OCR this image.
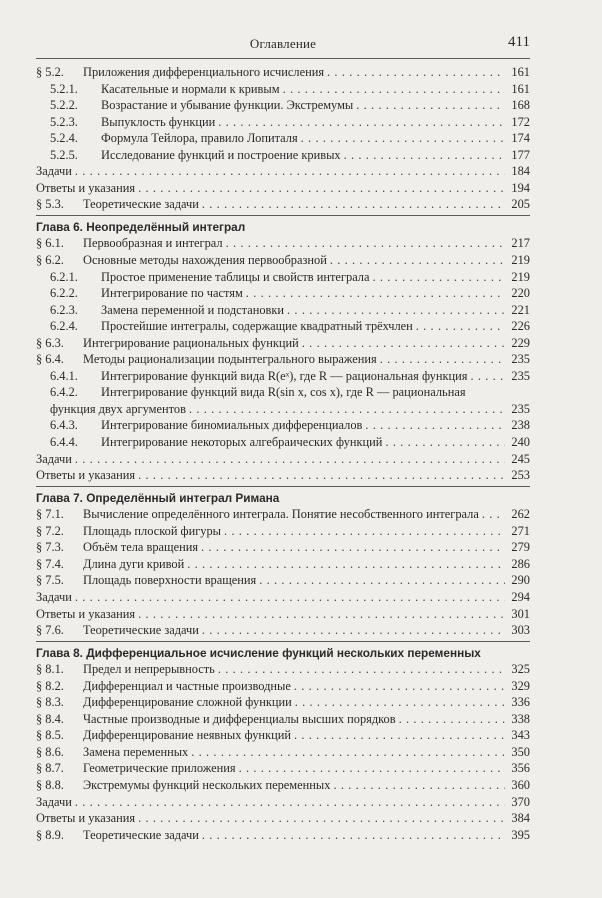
Оглавление	411
§ 5.2.	Приложения дифференциального исчисления . . .	161
5.2.1.	Касательные и нормали к кривым . . .	161
5.2.2.	Возрастание и убывание функции. Экстремумы . . .	168
5.2.3.	Выпуклость функции . . .	172
5.2.4.	Формула Тейлора, правило Лопиталя . . .	174
5.2.5.	Исследование функций и построение кривых . . .	177
Задачи . . .	184
Ответы и указания . . .	194
§ 5.3.	Теоретические задачи . . .	205
Глава 6. Неопределённый интеграл
§ 6.1.	Первообразная и интеграл . . .	217
§ 6.2.	Основные методы нахождения первообразной . . .	219
6.2.1.	Простое применение таблицы и свойств интеграла . . .	219
6.2.2.	Интегрирование по частям . . .	220
6.2.3.	Замена переменной и подстановки . . .	221
6.2.4.	Простейшие интегралы, содержащие квадратный трёхчлен . . .	226
§ 6.3.	Интегрирование рациональных функций . . .	229
§ 6.4.	Методы рационализации подынтегрального выражения . . .	235
6.4.1.	Интегрирование функций вида R(eˣ), где R — рациональная функция . . .	235
6.4.2.	Интегрирование функций вида R(sin x, cos x), где R — рациональная
функция двух аргументов . . .	235
6.4.3.	Интегрирование биномиальных дифференциалов . . .	238
6.4.4.	Интегрирование некоторых алгебраических функций . . .	240
Задачи . . .	245
Ответы и указания . . .	253
Глава 7. Определённый интеграл Римана
§ 7.1.	Вычисление определённого интеграла. Понятие несобственного интеграла . . .	262
§ 7.2.	Площадь плоской фигуры . . .	271
§ 7.3.	Объём тела вращения . . .	279
§ 7.4.	Длина дуги кривой . . .	286
§ 7.5.	Площадь поверхности вращения . . .	290
Задачи . . .	294
Ответы и указания . . .	301
§ 7.6.	Теоретические задачи . . .	303
Глава 8. Дифференциальное исчисление функций нескольких переменных
§ 8.1.	Предел и непрерывность . . .	325
§ 8.2.	Дифференциал и частные производные . . .	329
§ 8.3.	Дифференцирование сложной функции . . .	336
§ 8.4.	Частные производные и дифференциалы высших порядков . . .	338
§ 8.5.	Дифференцирование неявных функций . . .	343
§ 8.6.	Замена переменных . . .	350
§ 8.7.	Геометрические приложения . . .	356
§ 8.8.	Экстремумы функций нескольких переменных . . .	360
Задачи . . .	370
Ответы и указания . . .	384
§ 8.9.	Теоретические задачи . . .	395
